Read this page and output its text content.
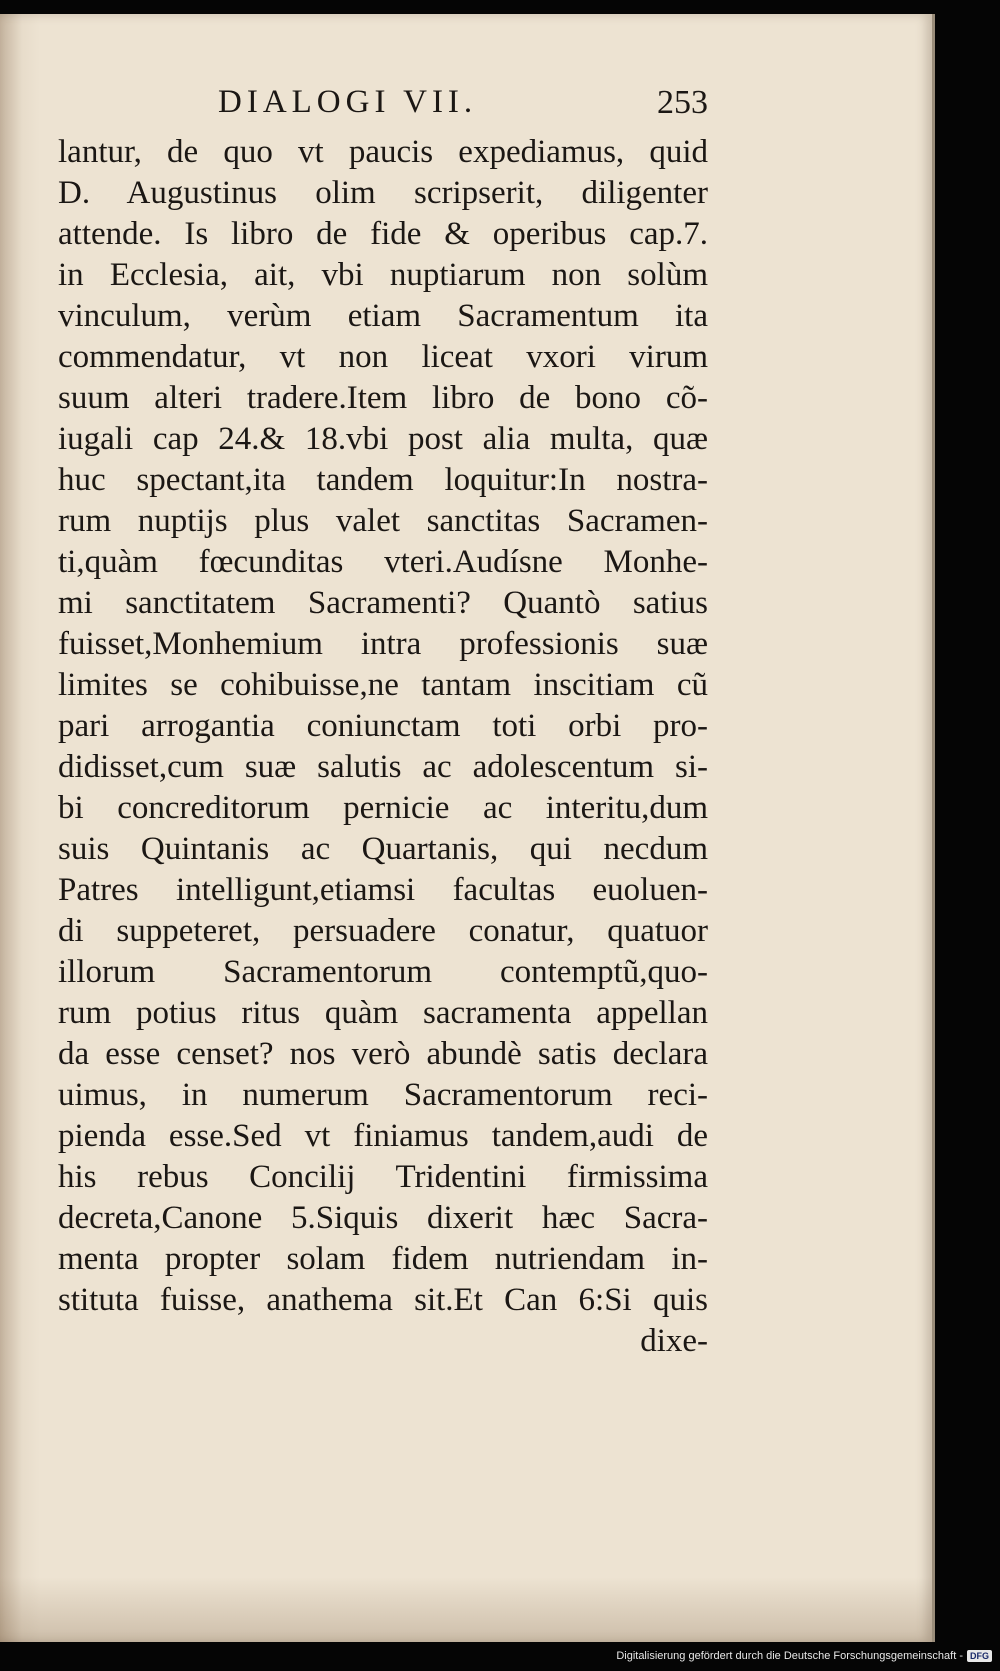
DIALOGI VII.	253
lantur, de quo vt paucis expediamus, quid
D. Augustinus olim scripserit, diligenter
attende. Is libro de fide & operibus cap.7.
in Ecclesia, ait, vbi nuptiarum non solùm
vinculum, verùm etiam Sacramentum ita
commendatur, vt non liceat vxori virum
suum alteri tradere.Item libro de bono cõ-
iugali cap 24.& 18.vbi post alia multa, quæ
huc spectant,ita tandem loquitur:In nostra-
rum nuptijs plus valet sanctitas Sacramen-
ti,quàm fœcunditas vteri.Audísne Monhe-
mi sanctitatem Sacramenti? Quantò satius
fuisset,Monhemium intra professionis suæ
limites se cohibuisse,ne tantam inscitiam cũ
pari arrogantia coniunctam toti orbi pro-
didisset,cum suæ salutis ac adolescentum si-
bi concreditorum pernicie ac interitu,dum
suis Quintanis ac Quartanis, qui necdum
Patres intelligunt,etiamsi facultas euoluen-
di suppeteret, persuadere conatur, quatuor
illorum Sacramentorum contemptũ,quo-
rum potius ritus quàm sacramenta appellan
da esse censet? nos verò abundè satis declara
uimus, in numerum Sacramentorum reci-
pienda esse.Sed vt finiamus tandem,audi de
his rebus Concilij Tridentini firmissima
decreta,Canone 5.Siquis dixerit hæc Sacra-
menta propter solam fidem nutriendam in-
stituta fuisse, anathema sit.Et Can 6:Si quis
dixe-
Digitalisierung gefördert durch die Deutsche Forschungsgemeinschaft - DFG
